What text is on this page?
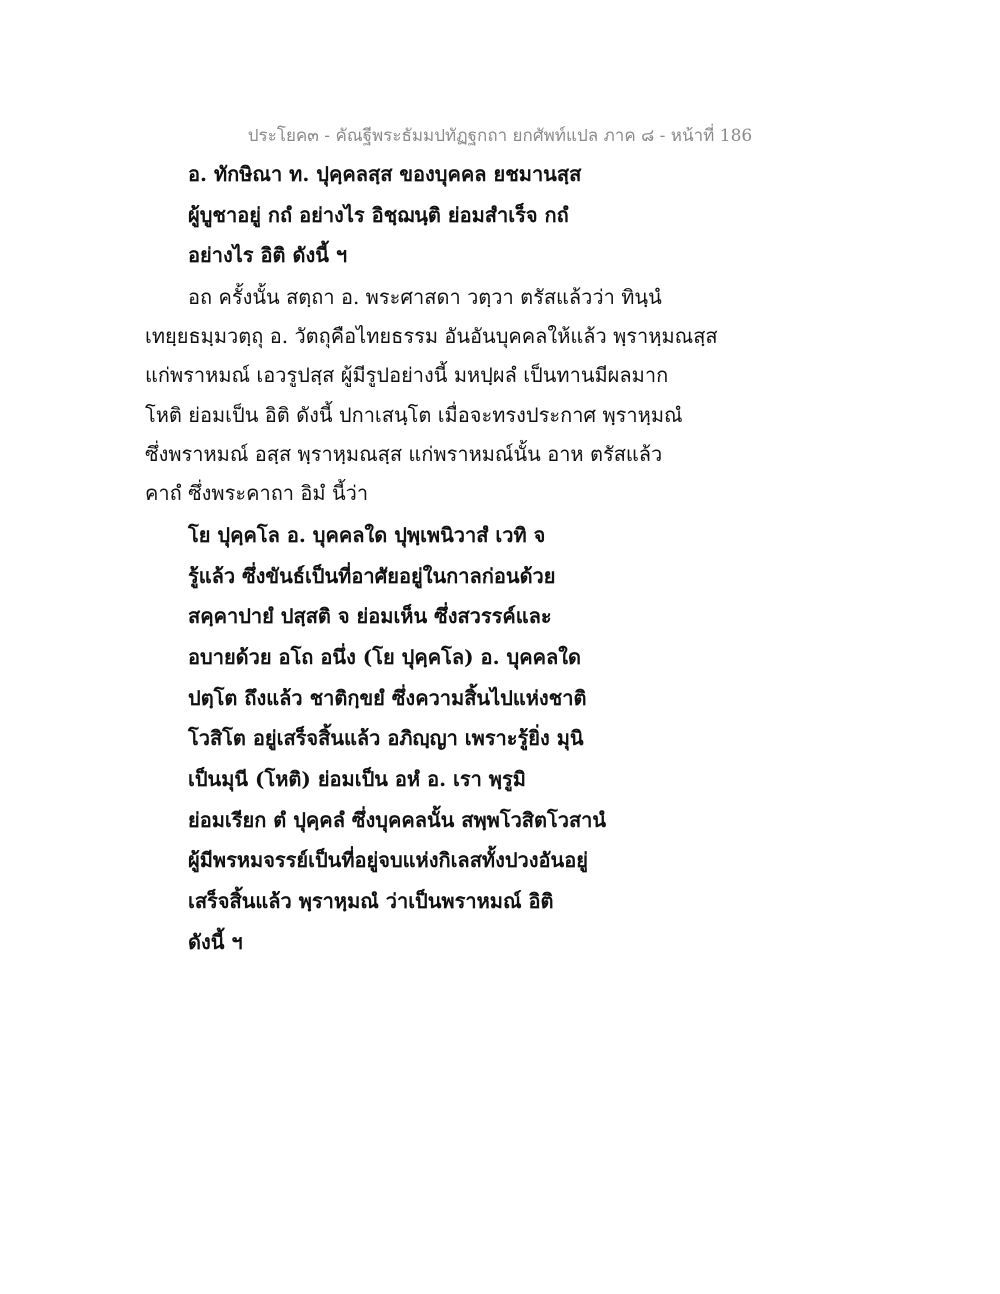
ประโยค๓ - คัณฐีพระธัมมปทัฏฐกถา ยกศัพท์แปล ภาค ๘ - หน้าที่ 186
อ. ทักษิณา ท. ปุคฺคลสฺส ของบุคคล ยชมานสฺส
ผู้บูชาอยู่ กถํ อย่างไร อิชฺฌนฺติ ย่อมสำเร็จ กถํ
อย่างไร อิติ ดังนี้ ฯ
อถ ครั้งนั้น สตฺถา อ. พระศาสดา วตฺวา ตรัสแล้วว่า ทินฺนํ
เทยฺยธมฺมวตฺถุ อ. วัตถุคือไทยธรรม อันอันบุคคลให้แล้ว พฺราหฺมณสฺส
แก่พราหมณ์ เอวรูปสฺส ผู้มีรูปอย่างนี้ มหปฺผลํ เป็นทานมีผลมาก
โหติ ย่อมเป็น อิติ ดังนี้ ปกาเสนฺโต เมื่อจะทรงประกาศ พฺราหฺมณํ
ซึ่งพราหมณ์ อสฺส พฺราหฺมณสฺส แก่พราหมณ์นั้น อาห ตรัสแล้ว
คาถํ ซึ่งพระคาถา อิมํ นี้ว่า
โย ปุคฺคโล อ. บุคคลใด ปุพฺเพนิวาสํ เวทิ จ
รู้แล้ว ซึ่งขันธ์เป็นที่อาศัยอยู่ในกาลก่อนด้วย
สคฺคาปายํ ปสฺสติ จ ย่อมเห็น ซึ่งสวรรค์และ
อบายด้วย อโถ อนึ่ง (โย ปุคฺคโล) อ. บุคคลใด
ปตฺโต ถึงแล้ว ชาติกฺขยํ ซึ่งความสิ้นไปแห่งชาติ
โวสิโต อยู่เสร็จสิ้นแล้ว อภิญฺญา เพราะรู้ยิ่ง มุนิ
เป็นมุนี (โหติ) ย่อมเป็น อหํ อ. เรา พฺรูมิ
ย่อมเรียก ตํ ปุคฺคลํ ซึ่งบุคคลนั้น สพฺพโวสิตโวสานํ
ผู้มีพรหมจรรย์เป็นที่อยู่จบแห่งกิเลสทั้งปวงอันอยู่
เสร็จสิ้นแล้ว พฺราหฺมณํ ว่าเป็นพราหมณ์ อิติ
ดังนี้ ฯ
